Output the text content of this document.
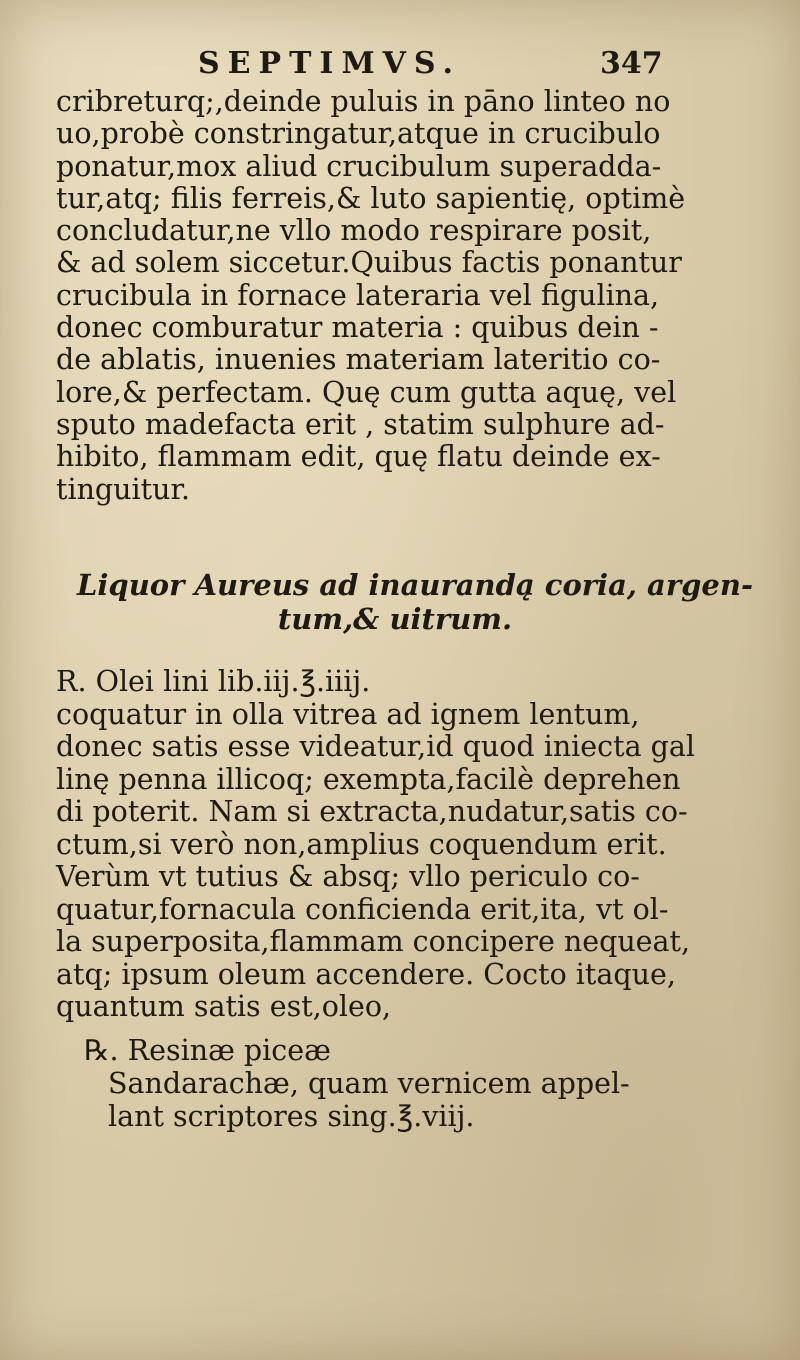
SEPTIMVS.	347
cribreturq;,deinde puluis in pāno linteo no
uo,probè constringatur,atque in crucibulo
ponatur,mox aliud crucibulum superadda-
tur,atq; filis ferreis,& luto sapientię, optimè
concludatur,ne vllo modo respirare posit,
& ad solem siccetur.Quibus factis ponantur
crucibula in fornace lateraria vel figulina,
donec comburatur materia : quibus dein -
de ablatis, inuenies materiam lateritio co-
lore,& perfectam. Quę cum gutta aquę, vel
sputo madefacta erit , statim sulphure ad-
hibito, flammam edit, quę flatu deinde ex-
tinguitur.
Liquor Aureus ad inaurandą coria, argen-
tum,& uitrum.
R. Olei lini lib.iij.℥.iiij.
coquatur in olla vitrea ad ignem lentum,
donec satis esse videatur,id quod iniecta gal
linę penna illicoq; exempta,facilè deprehen
di poterit. Nam si extracta,nudatur,satis co-
ctum,si verò non,amplius coquendum erit.
Verùm vt tutius & absq; vllo periculo co-
quatur,fornacula conficienda erit,ita, vt ol-
la superposita,flammam concipere nequeat,
atq; ipsum oleum accendere. Cocto itaque,
quantum satis est,oleo,
℞. Resinæ piceæ
Sandarachæ, quam vernicem appel-
lant scriptores sing.℥.viij.
